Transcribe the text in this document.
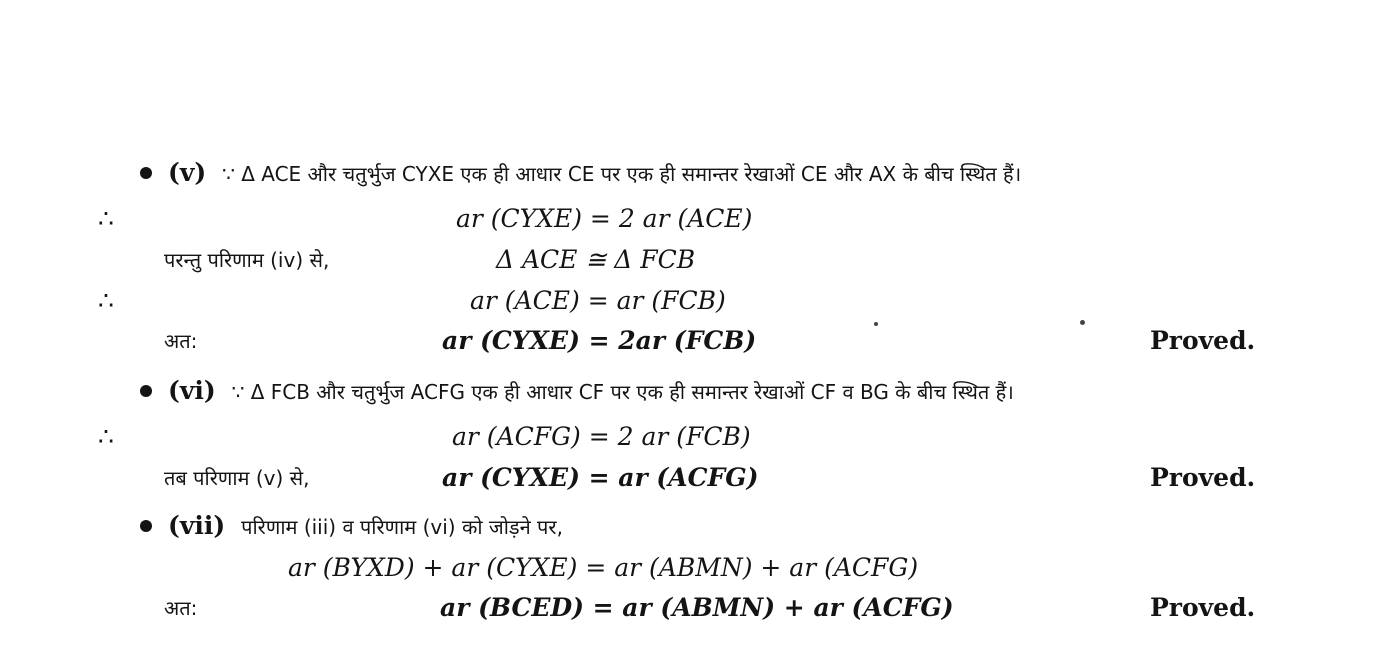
(v) ∵ Δ ACE और चतुर्भुज CYXE एक ही आधार CE पर एक ही समान्तर रेखाओं CE और AX के बीच स्थित हैं।
∴	ar (CYXE) = 2 ar (ACE)
परन्तु परिणाम (iv) से,	Δ ACE ≅ Δ FCB
∴	ar (ACE) = ar (FCB)
अत:	ar (CYXE) = 2ar (FCB)	Proved.
(vi) ∵ Δ FCB और चतुर्भुज ACFG एक ही आधार CF पर एक ही समान्तर रेखाओं CF व BG के बीच स्थित हैं।
∴	ar (ACFG) = 2 ar (FCB)
तब परिणाम (v) से,	ar (CYXE) = ar (ACFG)	Proved.
(vii) परिणाम (iii) व परिणाम (vi) को जोड़ने पर,
ar (BYXD) + ar (CYXE) = ar (ABMN) + ar (ACFG)
अत:	ar (BCED) = ar (ABMN) + ar (ACFG)	Proved.
